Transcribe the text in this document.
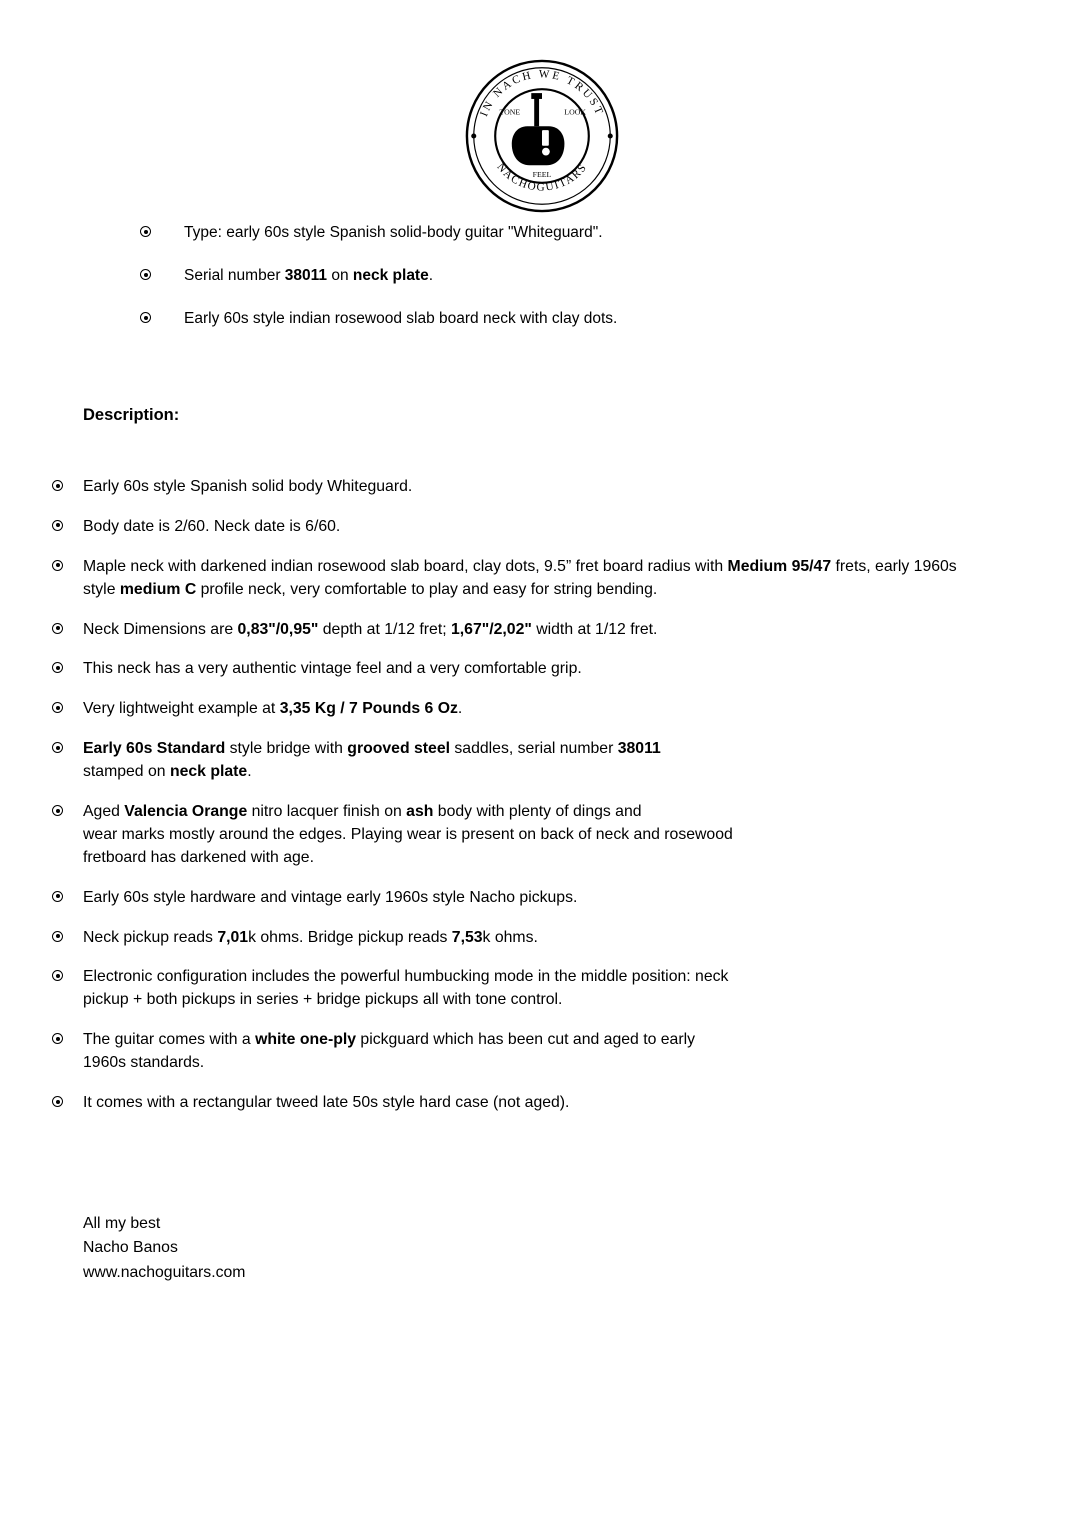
IN NACH WE TRUST
NACHOGUITARS
TONE	LOOK
FEEL
Type: early 60s style Spanish solid-body guitar "Whiteguard".
Serial number 38011 on neck plate.
Early 60s style indian rosewood slab board neck with clay dots.
Description:
Early 60s style Spanish solid body Whiteguard.
Body date is 2/60. Neck date is 6/60.
Maple neck with darkened indian rosewood slab board, clay dots, 9.5” fret board radius with Medium 95/47 frets, early 1960s style medium C profile neck, very comfortable to play and easy for string bending.
Neck Dimensions are 0,83"/0,95" depth at 1/12 fret; 1,67"/2,02" width at 1/12 fret.
This neck has a very authentic vintage feel and a very comfortable grip.
Very lightweight example at 3,35 Kg / 7 Pounds 6 Oz.
Early 60s Standard style bridge with grooved steel saddles, serial number 38011
stamped on neck plate.
Aged Valencia Orange nitro lacquer finish on ash body with plenty of dings and
wear marks mostly around the edges. Playing wear is present on back of neck and rosewood
fretboard has darkened with age.
Early 60s style hardware and vintage early 1960s style Nacho pickups.
Neck pickup reads 7,01k ohms. Bridge pickup reads 7,53k ohms.
Electronic configuration includes the powerful humbucking mode in the middle position: neck
pickup + both pickups in series + bridge pickups all with tone control.
The guitar comes with a white one-ply pickguard which has been cut and aged to early
1960s standards.
It comes with a rectangular tweed late 50s style hard case (not aged).
All my best
Nacho Banos
www.nachoguitars.com
